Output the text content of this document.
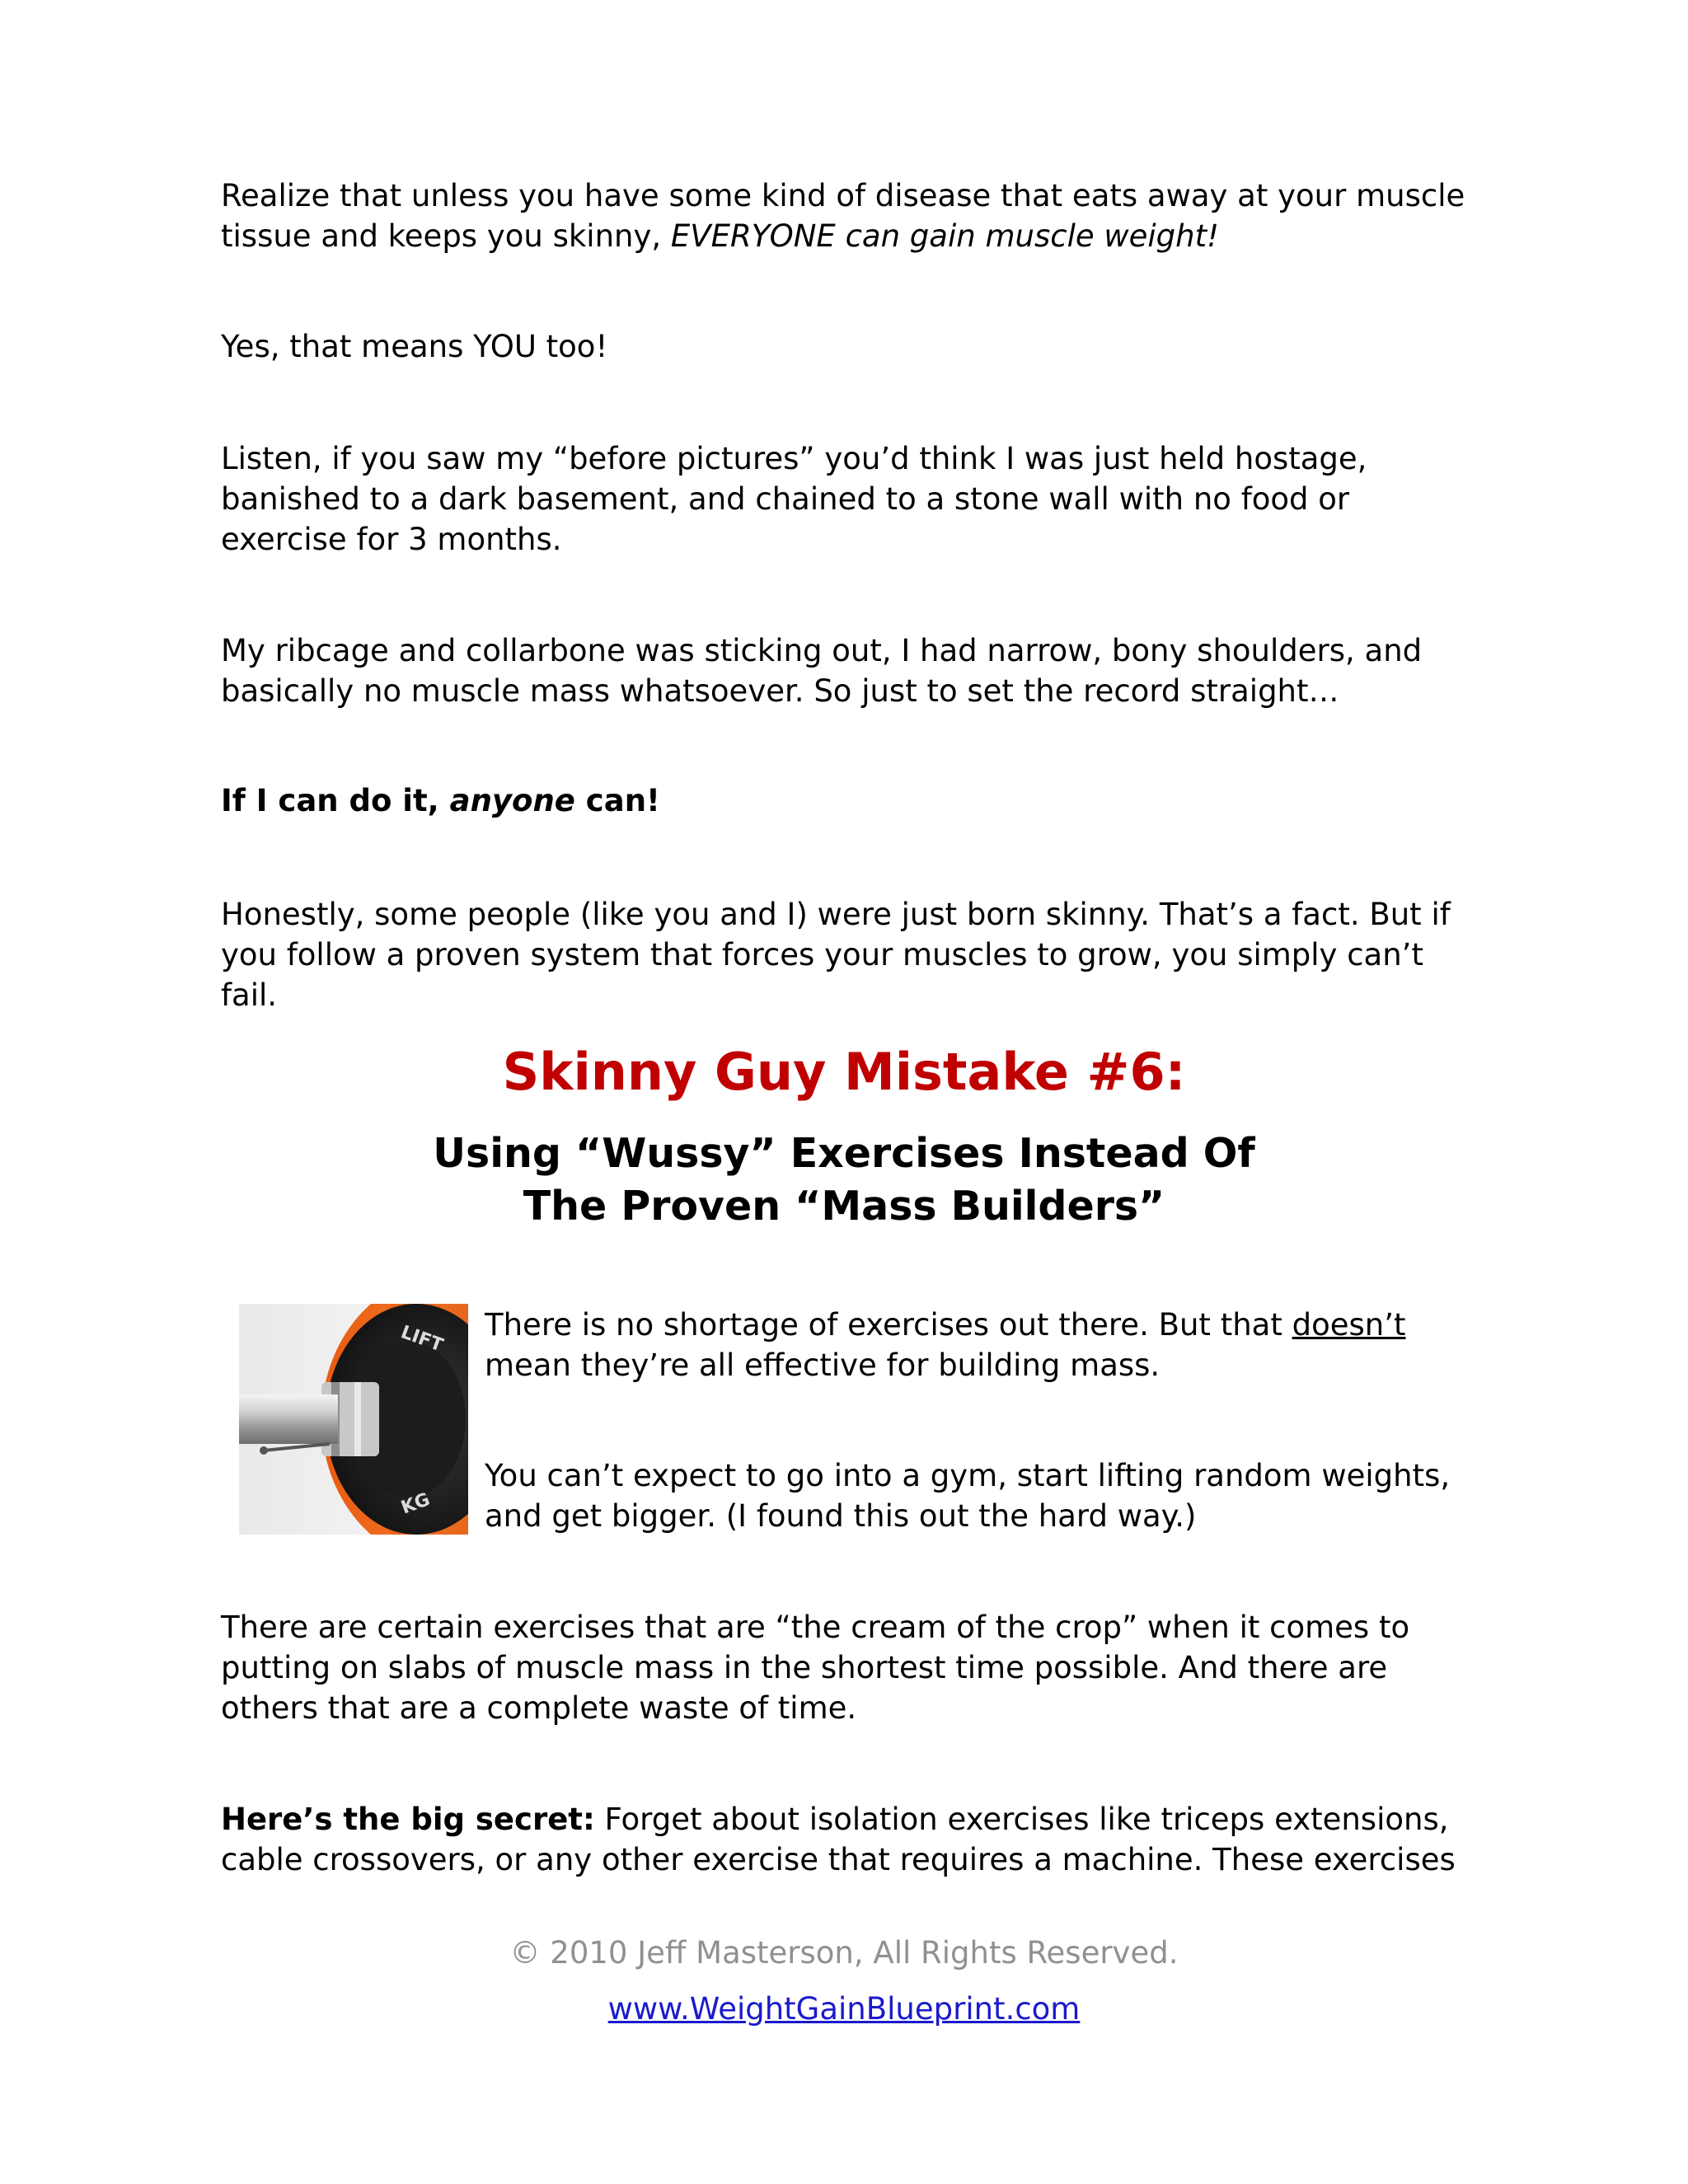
Realize that unless you have some kind of disease that eats away at your muscle
tissue and keeps you skinny, EVERYONE can gain muscle weight!

Yes, that means YOU too!

Listen, if you saw my “before pictures” you’d think I was just held hostage, banished to a dark basement, and chained to a stone wall with no food or exercise for 3 months.

My ribcage and collarbone was sticking out, I had narrow, bony shoulders, and basically no muscle mass whatsoever. So just to set the record straight…

If I can do it, anyone can!

Honestly, some people (like you and I) were just born skinny. That’s a fact. But if you follow a proven system that forces your muscles to grow, you simply can’t fail.

Skinny Guy Mistake #6:
Using “Wussy” Exercises Instead Of
The Proven “Mass Builders”
LIFT
KG

There is no shortage of exercises out there. But that doesn’t mean they’re all effective for building mass.

You can’t expect to go into a gym, start lifting random weights, and get bigger. (I found this out the hard way.)

There are certain exercises that are “the cream of the crop” when it comes to putting on slabs of muscle mass in the shortest time possible. And there are others that are a complete waste of time.

Here’s the big secret: Forget about isolation exercises like triceps extensions, cable crossovers, or any other exercise that requires a machine. These exercises

© 2010 Jeff Masterson, All Rights Reserved.

www.WeightGainBlueprint.com
